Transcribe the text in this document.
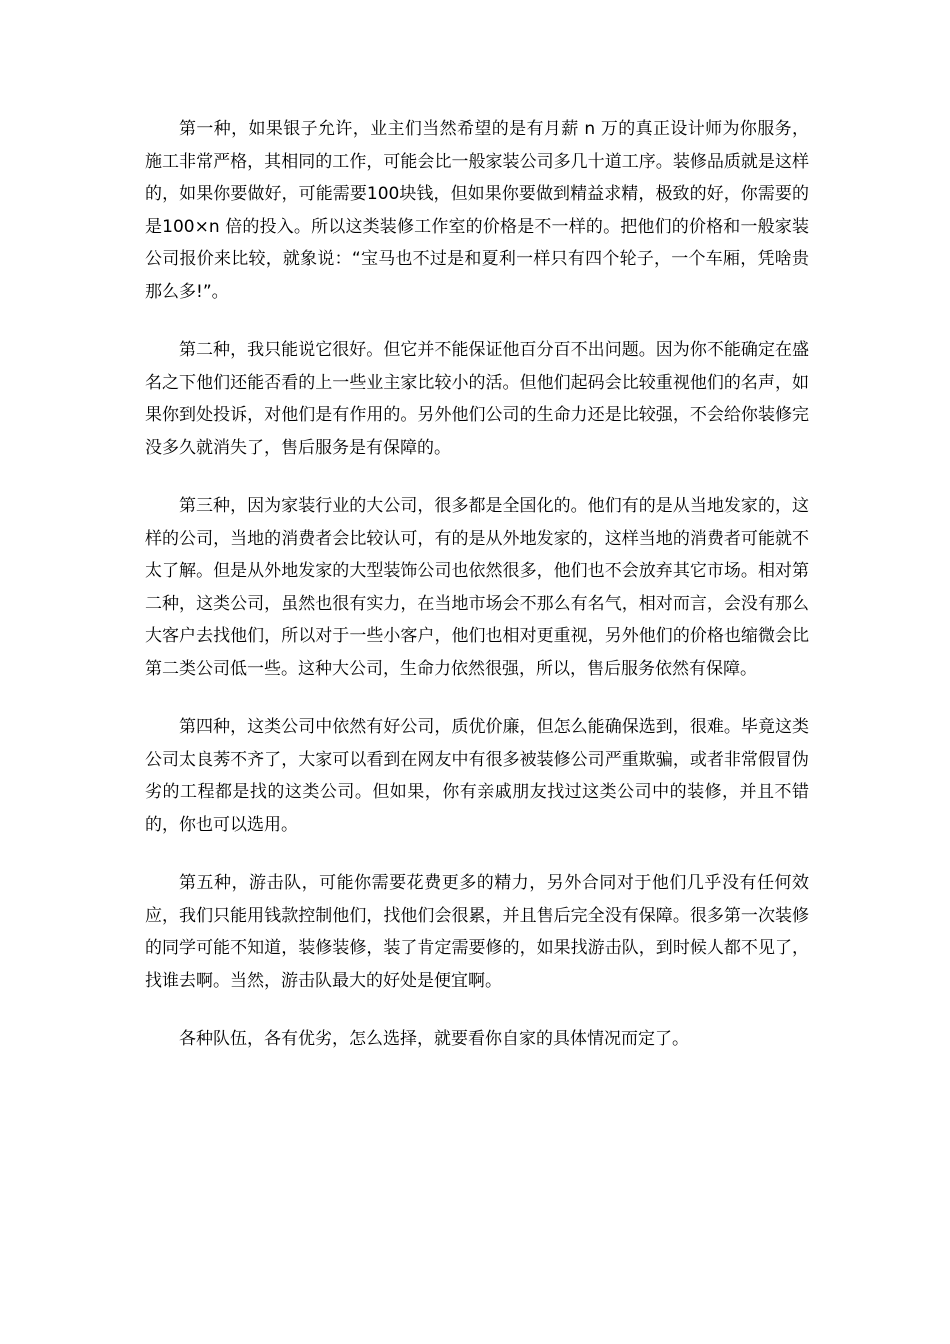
第一种，如果银子允许，业主们当然希望的是有月薪 n 万的真正设计师为你服务，施工非常严格，其相同的工作，可能会比一般家装公司多几十道工序。装修品质就是这样的，如果你要做好，可能需要100块钱，但如果你要做到精益求精，极致的好，你需要的是100×n 倍的投入。所以这类装修工作室的价格是不一样的。把他们的价格和一般家装公司报价来比较，就象说：“宝马也不过是和夏利一样只有四个轮子，一个车厢，凭啥贵那么多!”。

第二种，我只能说它很好。但它并不能保证他百分百不出问题。因为你不能确定在盛名之下他们还能否看的上一些业主家比较小的活。但他们起码会比较重视他们的名声，如果你到处投诉，对他们是有作用的。另外他们公司的生命力还是比较强，不会给你装修完没多久就消失了，售后服务是有保障的。

第三种，因为家装行业的大公司，很多都是全国化的。他们有的是从当地发家的，这样的公司，当地的消费者会比较认可，有的是从外地发家的，这样当地的消费者可能就不太了解。但是从外地发家的大型装饰公司也依然很多，他们也不会放弃其它市场。相对第二种，这类公司，虽然也很有实力，在当地市场会不那么有名气，相对而言，会没有那么大客户去找他们，所以对于一些小客户，他们也相对更重视，另外他们的价格也缩微会比第二类公司低一些。这种大公司，生命力依然很强，所以，售后服务依然有保障。

第四种，这类公司中依然有好公司，质优价廉，但怎么能确保选到，很难。毕竟这类公司太良莠不齐了，大家可以看到在网友中有很多被装修公司严重欺骗，或者非常假冒伪劣的工程都是找的这类公司。但如果，你有亲戚朋友找过这类公司中的装修，并且不错的，你也可以选用。

第五种，游击队，可能你需要花费更多的精力，另外合同对于他们几乎没有任何效应，我们只能用钱款控制他们，找他们会很累，并且售后完全没有保障。很多第一次装修的同学可能不知道，装修装修，装了肯定需要修的，如果找游击队，到时候人都不见了，找谁去啊。当然，游击队最大的好处是便宜啊。

各种队伍，各有优劣，怎么选择，就要看你自家的具体情况而定了。
